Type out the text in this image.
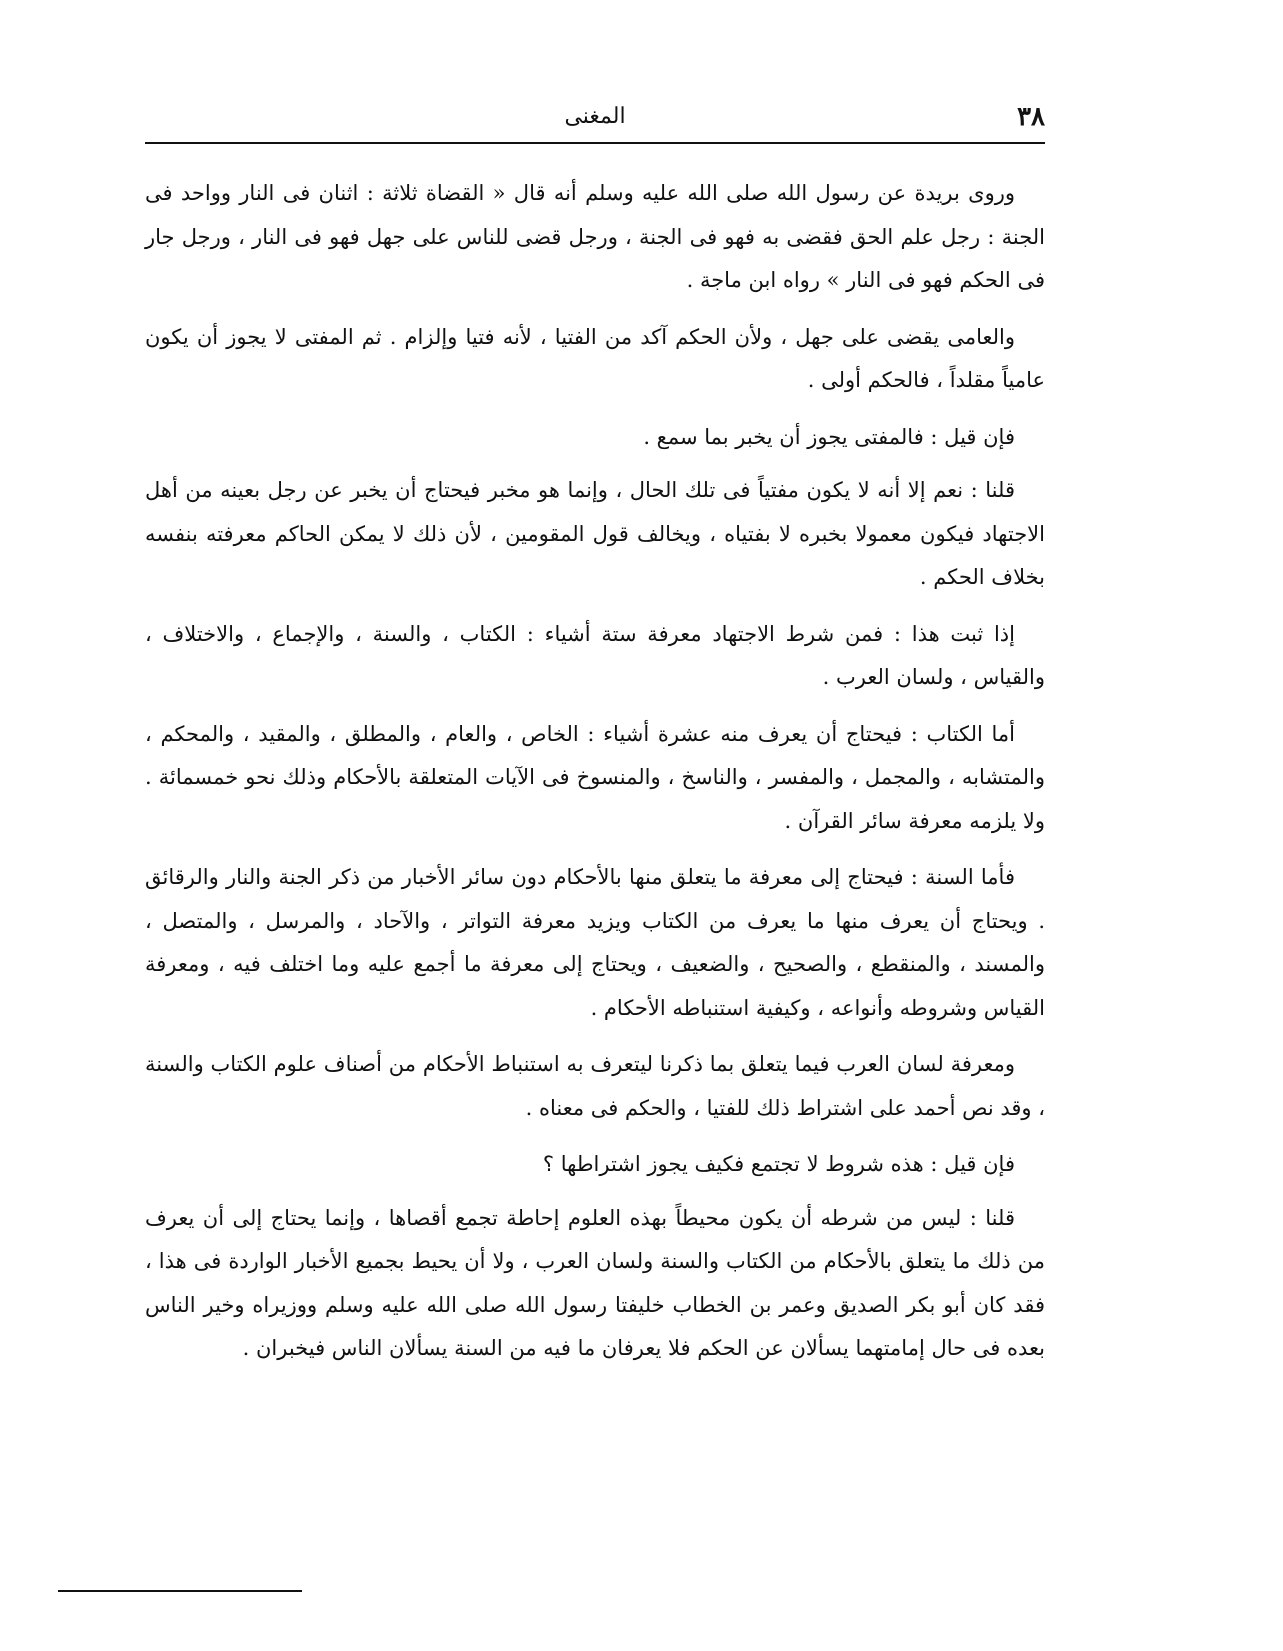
٣٨
المغنى

وروى بريدة عن رسول الله صلى الله عليه وسلم أنه قال « القضاة ثلاثة : اثنان فى النار وواحد فى الجنة : رجل علم الحق فقضى به فهو فى الجنة ، ورجل قضى للناس على جهل فهو فى النار ، ورجل جار فى الحكم فهو فى النار » رواه ابن ماجة .

والعامى يقضى على جهل ، ولأن الحكم آكد من الفتيا ، لأنه فتيا وإلزام . ثم المفتى لا يجوز أن يكون عامياً مقلداً ، فالحكم أولى .

فإن قيل : فالمفتى يجوز أن يخبر بما سمع .

قلنا : نعم إلا أنه لا يكون مفتياً فى تلك الحال ، وإنما هو مخبر فيحتاج أن يخبر عن رجل بعينه من أهل الاجتهاد فيكون معمولا بخبره لا بفتياه ، ويخالف قول المقومين ، لأن ذلك لا يمكن الحاكم معرفته بنفسه بخلاف الحكم .

إذا ثبت هذا : فمن شرط الاجتهاد معرفة ستة أشياء : الكتاب ، والسنة ، والإجماع ، والاختلاف ، والقياس ، ولسان العرب .

أما الكتاب : فيحتاج أن يعرف منه عشرة أشياء : الخاص ، والعام ، والمطلق ، والمقيد ، والمحكم ، والمتشابه ، والمجمل ، والمفسر ، والناسخ ، والمنسوخ فى الآيات المتعلقة بالأحكام وذلك نحو خمسمائة . ولا يلزمه معرفة سائر القرآن .

فأما السنة : فيحتاج إلى معرفة ما يتعلق منها بالأحكام دون سائر الأخبار من ذكر الجنة والنار والرقائق . ويحتاج أن يعرف منها ما يعرف من الكتاب ويزيد معرفة التواتر ، والآحاد ، والمرسل ، والمتصل ، والمسند ، والمنقطع ، والصحيح ، والضعيف ، ويحتاج إلى معرفة ما أجمع عليه وما اختلف فيه ، ومعرفة القياس وشروطه وأنواعه ، وكيفية استنباطه الأحكام .

ومعرفة لسان العرب فيما يتعلق بما ذكرنا ليتعرف به استنباط الأحكام من أصناف علوم الكتاب والسنة ، وقد نص أحمد على اشتراط ذلك للفتيا ، والحكم فى معناه .

فإن قيل : هذه شروط لا تجتمع فكيف يجوز اشتراطها ؟

قلنا : ليس من شرطه أن يكون محيطاً بهذه العلوم إحاطة تجمع أقصاها ، وإنما يحتاج إلى أن يعرف من ذلك ما يتعلق بالأحكام من الكتاب والسنة ولسان العرب ، ولا أن يحيط بجميع الأخبار الواردة فى هذا ، فقد كان أبو بكر الصديق وعمر بن الخطاب خليفتا رسول الله صلى الله عليه وسلم ووزيراه وخير الناس بعده فى حال إمامتهما يسألان عن الحكم فلا يعرفان ما فيه من السنة يسألان الناس فيخبران .
